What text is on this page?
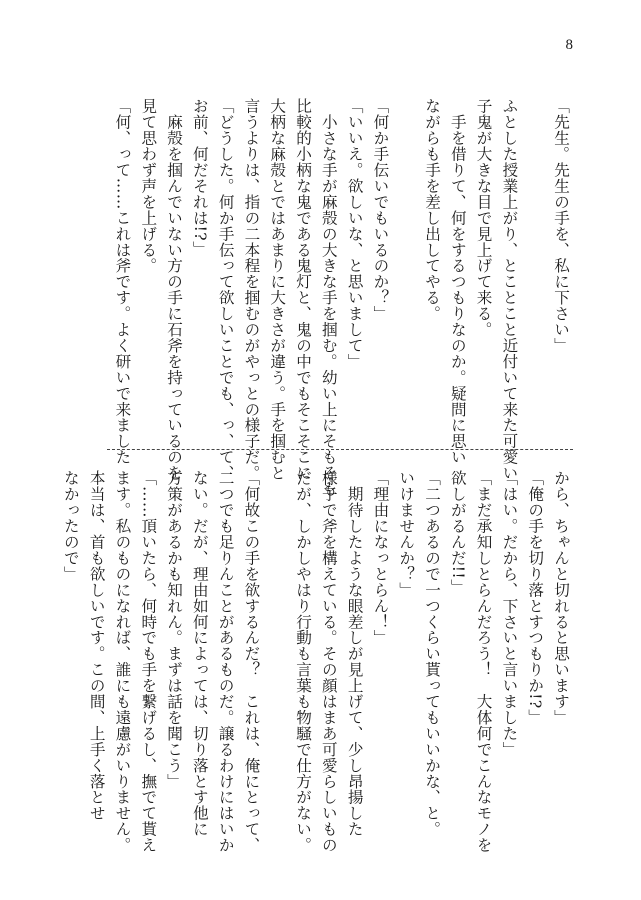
8
「先生。先生の手を、私に下さい」

ふとした授業上がり、とことこと近付いて来た可愛い
子鬼が大きな目で見上げて来る。
　手を借りて、何をするつもりなのか。疑問に思い
ながらも手を差し出してやる。

「何か手伝いでもいるのか？」
「いいえ。欲しいな、と思いまして」
　小さな手が麻殻の大きな手を掴む。幼い上にそもそも
比較的小柄な鬼である鬼灯と、鬼の中でもそこそこに
大柄な麻殻とではあまりに大きさが違う。手を掴むと
言うよりは、指の二本程を掴むのがやっとの様子だ。
「どうした。何か手伝って欲しいことでも、っ、て、
お前、何だそれは!?」
　麻殻を掴んでいない方の手に石斧を持っているのを
見て思わず声を上げる。
「何、って……これは斧です。よく研いで来ました
から、ちゃんと切れると思います」
「俺の手を切り落とすつもりか!?」
「はい。だから、下さいと言いました」
「まだ承知しとらんだろう！　大体何でこんなモノを
欲しがるんだ!!」
「二つあるので一つくらい貰ってもいいかな、と。
いけませんか？」
「理由になっとらん！」
　期待したような眼差しが見上げて、少し昂揚した
様子で斧を構えている。その顔はまあ可愛らしいもの
だが、しかしやはり行動も言葉も物騒で仕方がない。

「何故この手を欲するんだ？　これは、俺にとって、
二つでも足りんことがあるものだ。譲るわけにはいか
ない。だが、理由如何によっては、切り落とす他に
方策があるかも知れん。まずは話を聞こう」
「……頂いたら、何時でも手を繋げるし、撫でて貰え
ます。私のものになれば、誰にも遠慮がいりません。
本当は、首も欲しいです。この間、上手く落とせ
なかったので」
